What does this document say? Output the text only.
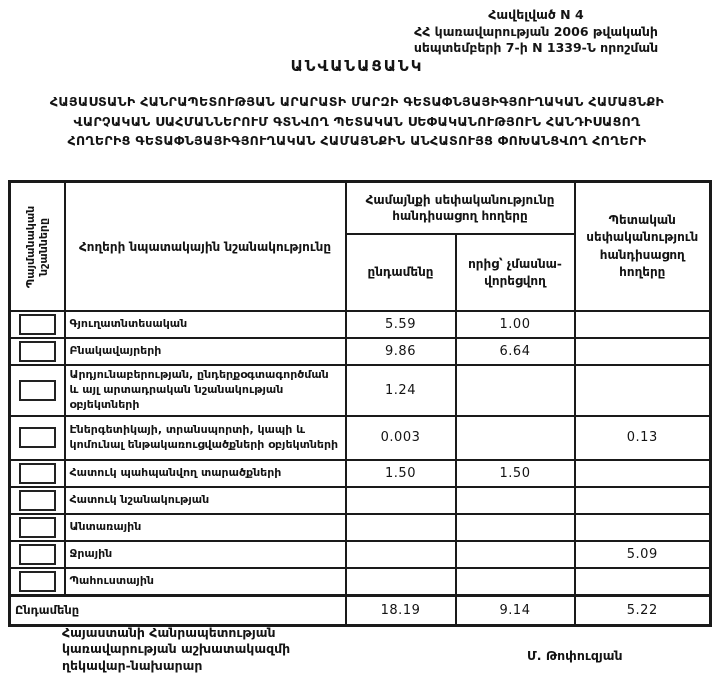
Հավելված N 4
ՀՀ կառավարության 2006 թվականի
սեպտեմբերի 7-ի N 1339-Ն որոշման
ԱՆՎԱՆԱՑԱՆԿ
ՀԱՅԱՍՏԱՆԻ ՀԱՆՐԱՊԵՏՈՒԹՅԱՆ ԱՐԱՐԱՏԻ ՄԱՐԶԻ ԳԵՏԱՓՆՅԱՅԻԳՅՈՒՂԱԿԱՆ ՀԱՄԱՅՆՔԻ
ՎԱՐՉԱԿԱՆ ՍԱՀՄԱՆՆԵՐՈՒՄ ԳՏՆՎՈՂ ՊԵՏԱԿԱՆ ՍԵՓԱԿԱՆՈՒԹՅՈՒՆ ՀԱՆԴԻՍԱՑՈՂ
ՀՈՂԵՐԻՑ ԳԵՏԱՓՆՅԱՅԻԳՅՈՒՂԱԿԱՆ ՀԱՄԱՅՆՔԻՆ ԱՆՀԱՏՈՒՅՑ ՓՈԽԱՆՑՎՈՂ ՀՈՂԵՐԻ
Պայմանական նշանները	Հողերի նպատակային նշանակությունը	Համայնքի սեփականությունը հանդիսացող հողերը		Պետական սեփականություն հանդիսացող հողերը
		ընդամենը	որից՝ չմասնա-
վորեցվող	

	Գյուղատնտեսական	5.59	1.00	

	Բնակավայրերի	9.86	6.64	

	Արդյունաբերության, ընդերքօգտագործման և այլ արտադրական նշանակության օբյեկտների	1.24		

	Էներգետիկայի, տրանսպորտի, կապի և կոմունալ ենթակառուցվածքների օբյեկտների	0.003		0.13

	Հատուկ պահպանվող տարածքների	1.50	1.50	

	Հատուկ նշանակության			

	Անտառային			

	Ջրային			5.09

	Պահուստային			
Ընդամենը		18.19	9.14	5.22
Հայաստանի Հանրապետության
կառավարության աշխատակազմի
ղեկավար-նախարար
Մ. Թոփուզյան
